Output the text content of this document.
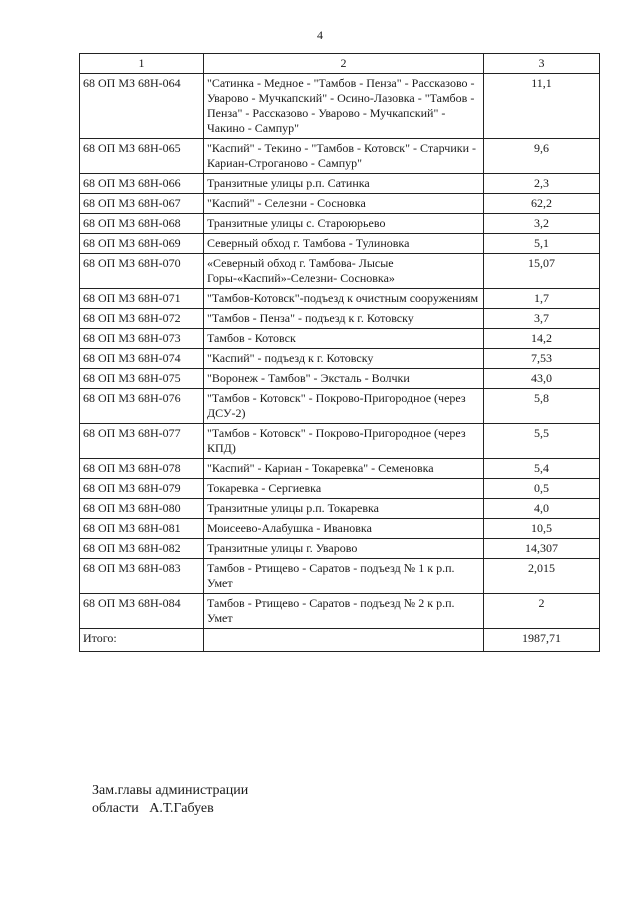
4
1	2	3
68 ОП МЗ 68Н-064	"Сатинка - Медное - "Тамбов - Пенза" - Рассказово - Уварово - Мучкапский" - Осино-Лазовка - "Тамбов - Пенза" - Рассказово - Уварово - Мучкапский" - Чакино - Сампур"	11,1
68 ОП МЗ 68Н-065	"Каспий" - Текино - "Тамбов - Котовск" - Старчики - Кариан-Строганово - Сампур"	9,6
68 ОП МЗ 68Н-066	Транзитные улицы р.п. Сатинка	2,3
68 ОП МЗ 68Н-067	"Каспий" - Селезни - Сосновка	62,2
68 ОП МЗ 68Н-068	Транзитные улицы с. Староюрьево	3,2
68 ОП МЗ 68Н-069	Северный обход г. Тамбова - Тулиновка	5,1
68 ОП МЗ 68Н-070	«Северный обход г. Тамбова- Лысые Горы-«Каспий»-Селезни- Сосновка»	15,07
68 ОП МЗ 68Н-071	"Тамбов-Котовск"-подъезд к очистным сооружениям	1,7
68 ОП МЗ 68Н-072	"Тамбов - Пенза" - подъезд к г. Котовску	3,7
68 ОП МЗ 68Н-073	Тамбов - Котовск	14,2
68 ОП МЗ 68Н-074	"Каспий" - подъезд к г. Котовску	7,53
68 ОП МЗ 68Н-075	"Воронеж - Тамбов" - Эксталь - Волчки	43,0
68 ОП МЗ 68Н-076	"Тамбов - Котовск" - Покрово-Пригородное (через ДСУ-2)	5,8
68 ОП МЗ 68Н-077	"Тамбов - Котовск" - Покрово-Пригородное (через КПД)	5,5
68 ОП МЗ 68Н-078	"Каспий" - Кариан - Токаревка" - Семеновка	5,4
68 ОП МЗ 68Н-079	Токаревка - Сергиевка	0,5
68 ОП МЗ 68Н-080	Транзитные улицы р.п. Токаревка	4,0
68 ОП МЗ 68Н-081	Моисеево-Алабушка - Ивановка	10,5
68 ОП МЗ 68Н-082	Транзитные улицы г. Уварово	14,307
68 ОП МЗ 68Н-083	Тамбов - Ртищево - Саратов - подъезд № 1 к р.п. Умет	2,015
68 ОП МЗ 68Н-084	Тамбов - Ртищево - Саратов - подъезд № 2 к р.п. Умет	2
Итого:		1987,71
Зам.главы администрации
области   А.Т.Габуев
